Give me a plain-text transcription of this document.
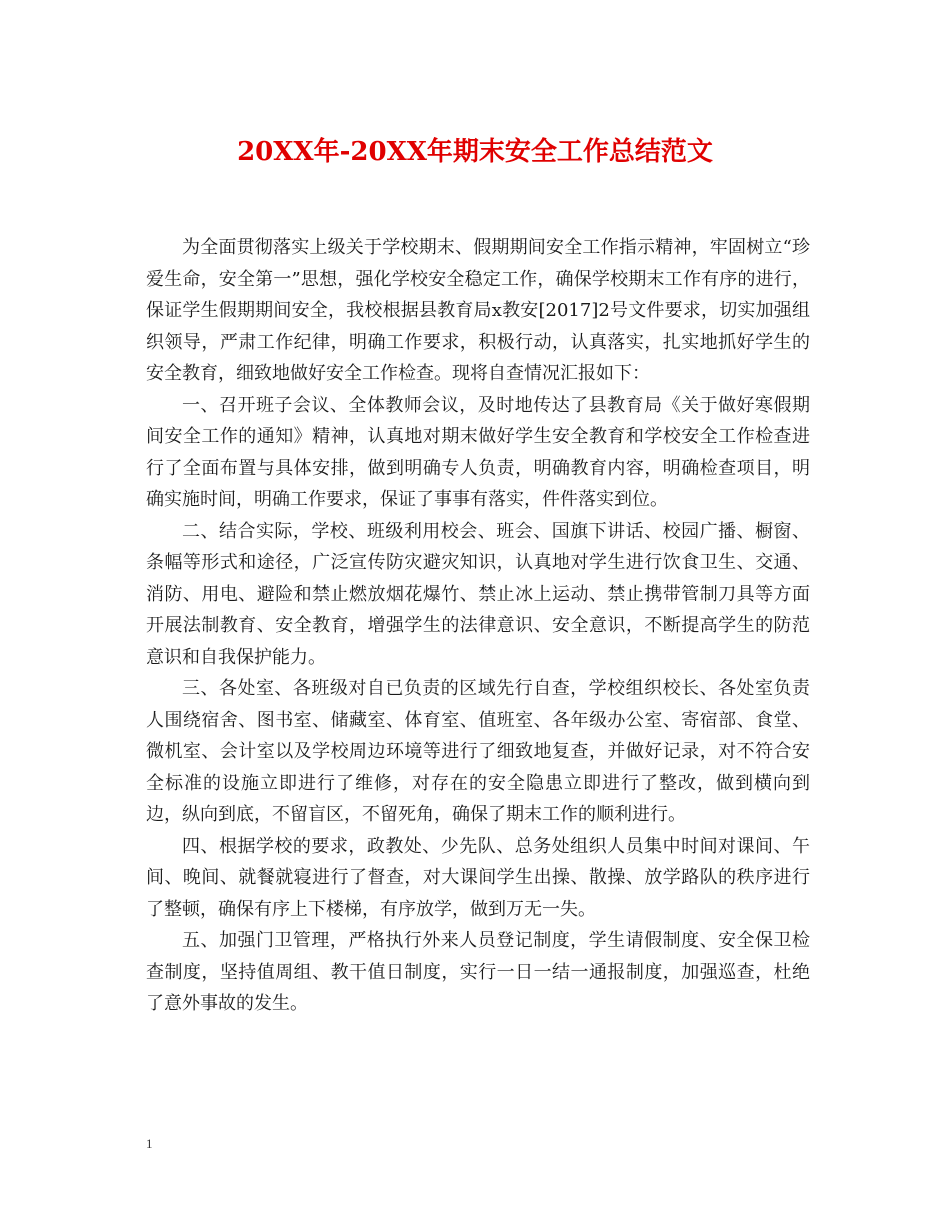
20XX年-20XX年期末安全工作总结范文

为全面贯彻落实上级关于学校期末、假期期间安全工作指示精神，牢固树立“珍爱生命，安全第一”思想，强化学校安全稳定工作，确保学校期末工作有序的进行，保证学生假期期间安全，我校根据县教育局x教安[2017]2号文件要求，切实加强组织领导，严肃工作纪律，明确工作要求，积极行动，认真落实，扎实地抓好学生的安全教育，细致地做好安全工作检查。现将自查情况汇报如下：

一、召开班子会议、全体教师会议，及时地传达了县教育局《关于做好寒假期间安全工作的通知》精神，认真地对期末做好学生安全教育和学校安全工作检查进行了全面布置与具体安排，做到明确专人负责，明确教育内容，明确检查项目，明确实施时间，明确工作要求，保证了事事有落实，件件落实到位。

二、结合实际，学校、班级利用校会、班会、国旗下讲话、校园广播、橱窗、条幅等形式和途径，广泛宣传防灾避灾知识，认真地对学生进行饮食卫生、交通、消防、用电、避险和禁止燃放烟花爆竹、禁止冰上运动、禁止携带管制刀具等方面开展法制教育、安全教育，增强学生的法律意识、安全意识，不断提高学生的防范意识和自我保护能力。

三、各处室、各班级对自已负责的区域先行自查，学校组织校长、各处室负责人围绕宿舍、图书室、储藏室、体育室、值班室、各年级办公室、寄宿部、食堂、微机室、会计室以及学校周边环境等进行了细致地复查，并做好记录，对不符合安全标准的设施立即进行了维修，对存在的安全隐患立即进行了整改，做到横向到边，纵向到底，不留盲区，不留死角，确保了期末工作的顺利进行。

四、根据学校的要求，政教处、少先队、总务处组织人员集中时间对课间、午间、晚间、就餐就寝进行了督查，对大课间学生出操、散操、放学路队的秩序进行了整顿，确保有序上下楼梯，有序放学，做到万无一失。

五、加强门卫管理，严格执行外来人员登记制度，学生请假制度、安全保卫检查制度，坚持值周组、教干值日制度，实行一日一结一通报制度，加强巡查，杜绝了意外事故的发生。

1
